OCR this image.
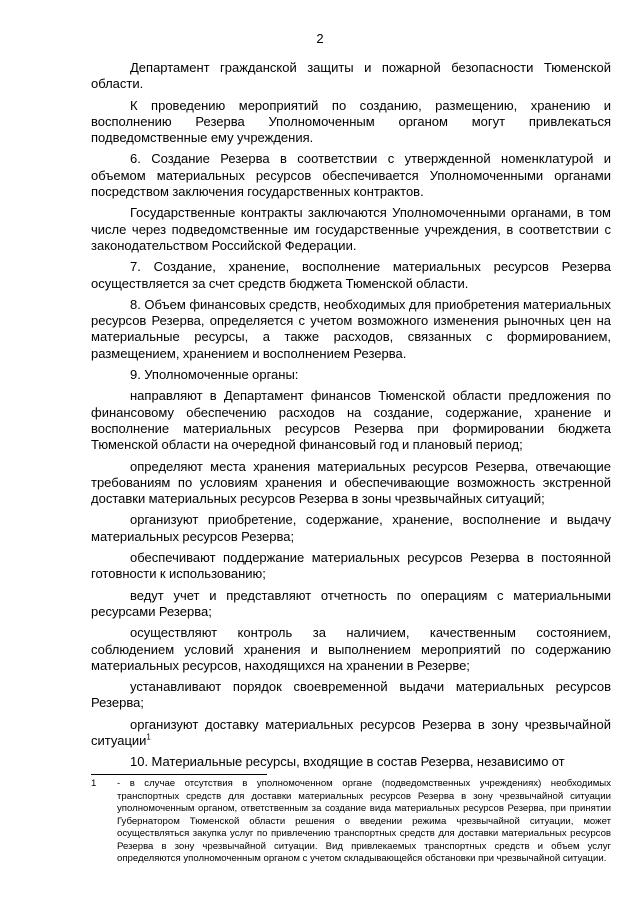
2

Департамент гражданской защиты и пожарной безопасности Тюменской области.

К проведению мероприятий по созданию, размещению, хранению и восполнению Резерва Уполномоченным органом могут привлекаться подведомственные ему учреждения.

6. Создание Резерва в соответствии с утвержденной номенклатурой и объемом материальных ресурсов обеспечивается Уполномоченными органами посредством заключения государственных контрактов.

Государственные контракты заключаются Уполномоченными органами, в том числе через подведомственные им государственные учреждения, в соответствии с законодательством Российской Федерации.

7. Создание, хранение, восполнение материальных ресурсов Резерва осуществляется за счет средств бюджета Тюменской области.

8. Объем финансовых средств, необходимых для приобретения материальных ресурсов Резерва, определяется с учетом возможного изменения рыночных цен на материальные ресурсы, а также расходов, связанных с формированием, размещением, хранением и восполнением Резерва.

9. Уполномоченные органы:

направляют в Департамент финансов Тюменской области предложения по финансовому обеспечению расходов на создание, содержание, хранение и восполнение материальных ресурсов Резерва при формировании бюджета Тюменской области на очередной финансовый год и плановый период;

определяют места хранения материальных ресурсов Резерва, отвечающие требованиям по условиям хранения и обеспечивающие возможность экстренной доставки материальных ресурсов Резерва в зоны чрезвычайных ситуаций;

организуют приобретение, содержание, хранение, восполнение и выдачу материальных ресурсов Резерва;

обеспечивают поддержание материальных ресурсов Резерва в постоянной готовности к использованию;

ведут учет и представляют отчетность по операциям с материальными ресурсами Резерва;

осуществляют контроль за наличием, качественным состоянием, соблюдением условий хранения и выполнением мероприятий по содержанию материальных ресурсов, находящихся на хранении в Резерве;

устанавливают порядок своевременной выдачи материальных ресурсов Резерва;

организуют доставку материальных ресурсов Резерва в зону чрезвычайной ситуации$^1$

10. Материальные ресурсы, входящие в состав Резерва, независимо от

1	- в случае отсутствия в уполномоченном органе (подведомственных учреждениях) необходимых транспортных средств для доставки материальных ресурсов Резерва в зону чрезвычайной ситуации уполномоченным органом, ответственным за создание вида материальных ресурсов Резерва, при принятии Губернатором Тюменской области решения о введении режима чрезвычайной ситуации, может осуществляться закупка услуг по привлечению транспортных средств для доставки материальных ресурсов Резерва в зону чрезвычайной ситуации. Вид привлекаемых транспортных средств и объем услуг определяются уполномоченным органом с учетом складывающейся обстановки при чрезвычайной ситуации.
